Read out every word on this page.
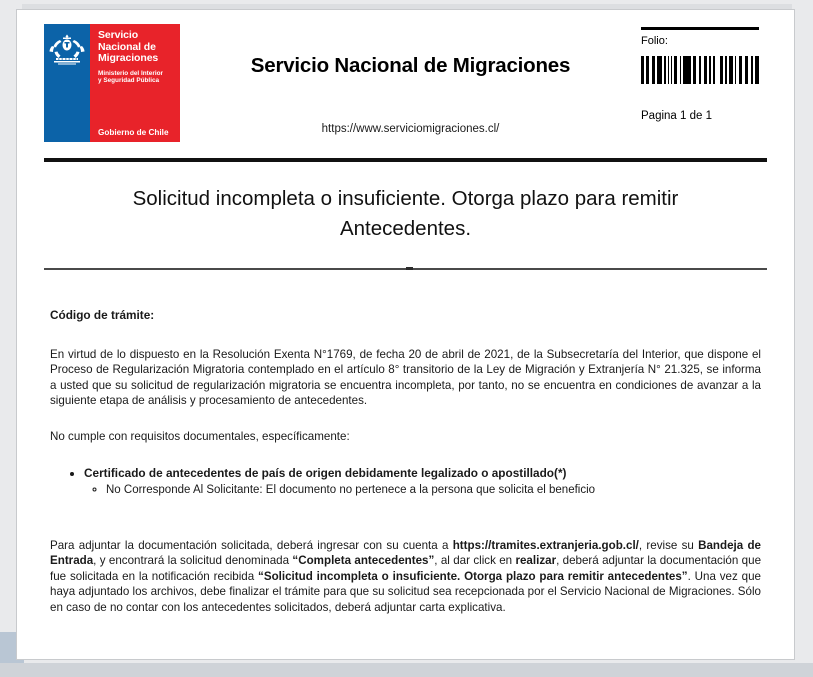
Servicio
Nacional de
Migraciones
Ministerio del Interior
y Seguridad Pública
Gobierno de Chile
Servicio Nacional de Migraciones
https://www.serviciomigraciones.cl/
Folio:
Pagina 1 de 1
Solicitud incompleta o insuficiente. Otorga plazo para remitir Antecedentes.
Código de trámite:

En virtud de lo dispuesto en la Resolución Exenta N°1769, de fecha 20 de abril de 2021, de la Subsecretaría del Interior, que dispone el Proceso de Regularización Migratoria contemplado en el artículo 8° transitorio de la Ley de Migración y Extranjería N° 21.325, se informa a usted que su solicitud de regularización migratoria se encuentra incompleta, por tanto, no se encuentra en condiciones de avanzar a la siguiente etapa de análisis y procesamiento de antecedentes.

No cumple con requisitos documentales, específicamente:

• Certificado de antecedentes de país de origen debidamente legalizado o apostillado(*)
◦ No Corresponde Al Solicitante: El documento no pertenece a la persona que solicita el beneficio

Para adjuntar la documentación solicitada, deberá ingresar con su cuenta a https://tramites.extranjeria.gob.cl/, revise su Bandeja de Entrada, y encontrará la solicitud denominada “Completa antecedentes”, al dar click en realizar, deberá adjuntar la documentación que fue solicitada en la notificación recibida “Solicitud incompleta o insuficiente. Otorga plazo para remitir antecedentes”. Una vez que haya adjuntado los archivos, debe finalizar el trámite para que su solicitud sea recepcionada por el Servicio Nacional de Migraciones. Sólo en caso de no contar con los antecedentes solicitados, deberá adjuntar carta explicativa.
